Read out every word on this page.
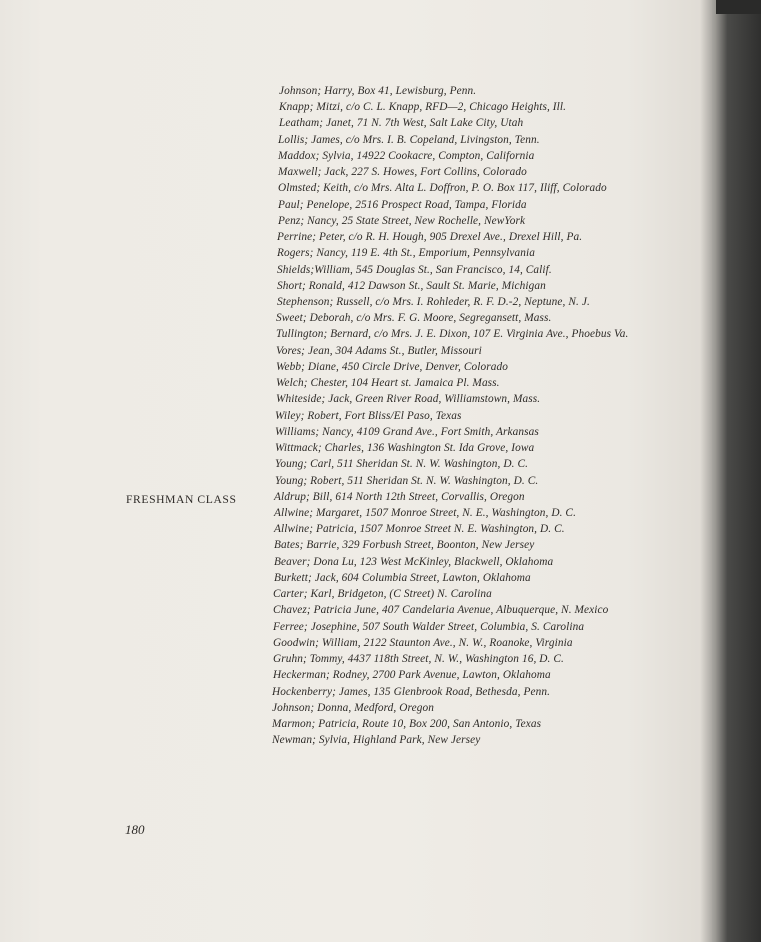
FRESHMAN CLASS
Johnson; Harry, Box 41, Lewisburg, Penn.
Knapp; Mitzi, c/o C. L. Knapp, RFD—2, Chicago Heights, Ill.
Leatham; Janet, 71 N. 7th West, Salt Lake City, Utah
Lollis; James, c/o Mrs. I. B. Copeland, Livingston, Tenn.
Maddox; Sylvia, 14922 Cookacre, Compton, California
Maxwell; Jack, 227 S. Howes, Fort Collins, Colorado
Olmsted; Keith, c/o Mrs. Alta L. Doffron, P. O. Box 117, Iliff, Colorado
Paul; Penelope, 2516 Prospect Road, Tampa, Florida
Penz; Nancy, 25 State Street, New Rochelle, NewYork
Perrine; Peter, c/o R. H. Hough, 905 Drexel Ave., Drexel Hill, Pa.
Rogers; Nancy, 119 E. 4th St., Emporium, Pennsylvania
Shields;William, 545 Douglas St., San Francisco, 14, Calif.
Short; Ronald, 412 Dawson St., Sault St. Marie, Michigan
Stephenson; Russell, c/o Mrs. I. Rohleder, R. F. D.-2, Neptune, N. J.
Sweet; Deborah, c/o Mrs. F. G. Moore, Segregansett, Mass.
Tullington; Bernard, c/o Mrs. J. E. Dixon, 107 E. Virginia Ave., Phoebus Va.
Vores; Jean, 304 Adams St., Butler, Missouri
Webb; Diane, 450 Circle Drive, Denver, Colorado
Welch; Chester, 104 Heart st. Jamaica Pl. Mass.
Whiteside; Jack, Green River Road, Williamstown, Mass.
Wiley; Robert, Fort Bliss/El Paso, Texas
Williams; Nancy, 4109 Grand Ave., Fort Smith, Arkansas
Wittmack; Charles, 136 Washington St. Ida Grove, Iowa
Young; Carl, 511 Sheridan St. N. W. Washington, D. C.
Young; Robert, 511 Sheridan St. N. W. Washington, D. C.
Aldrup; Bill, 614 North 12th Street, Corvallis, Oregon
Allwine; Margaret, 1507 Monroe Street, N. E., Washington, D. C.
Allwine; Patricia, 1507 Monroe Street N. E. Washington, D. C.
Bates; Barrie, 329 Forbush Street, Boonton, New Jersey
Beaver; Dona Lu, 123 West McKinley, Blackwell, Oklahoma
Burkett; Jack, 604 Columbia Street, Lawton, Oklahoma
Carter; Karl, Bridgeton, (C Street) N. Carolina
Chavez; Patricia June, 407 Candelaria Avenue, Albuquerque, N. Mexico
Ferree; Josephine, 507 South Walder Street, Columbia, S. Carolina
Goodwin; William, 2122 Staunton Ave., N. W., Roanoke, Virginia
Gruhn; Tommy, 4437 118th Street, N. W., Washington 16, D. C.
Heckerman; Rodney, 2700 Park Avenue, Lawton, Oklahoma
Hockenberry; James, 135 Glenbrook Road, Bethesda, Penn.
Johnson; Donna, Medford, Oregon
Marmon; Patricia, Route 10, Box 200, San Antonio, Texas
Newman; Sylvia, Highland Park, New Jersey
180
